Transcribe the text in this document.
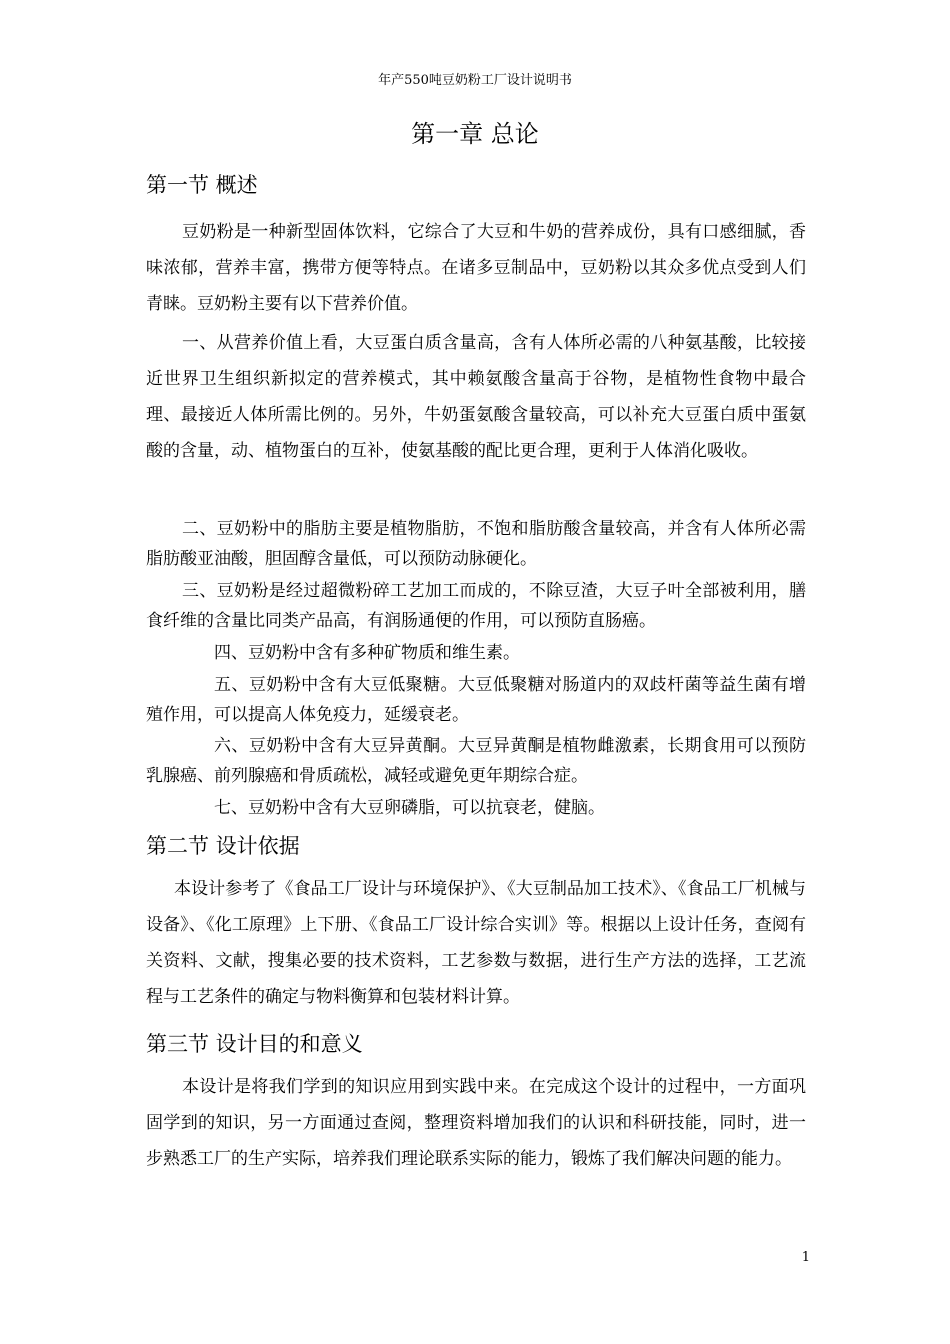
年产550吨豆奶粉工厂设计说明书
第一章 总论
第一节 概述

豆奶粉是一种新型固体饮料，它综合了大豆和牛奶的营养成份，具有口感细腻，香味浓郁，营养丰富，携带方便等特点。在诸多豆制品中，豆奶粉以其众多优点受到人们青睐。豆奶粉主要有以下营养价值。

一、从营养价值上看，大豆蛋白质含量高，含有人体所必需的八种氨基酸，比较接近世界卫生组织新拟定的营养模式，其中赖氨酸含量高于谷物，是植物性食物中最合理、最接近人体所需比例的。另外，牛奶蛋氨酸含量较高，可以补充大豆蛋白质中蛋氨酸的含量，动、植物蛋白的互补，使氨基酸的配比更合理，更利于人体消化吸收。

二、豆奶粉中的脂肪主要是植物脂肪，不饱和脂肪酸含量较高，并含有人体所必需脂肪酸亚油酸，胆固醇含量低，可以预防动脉硬化。

三、豆奶粉是经过超微粉碎工艺加工而成的，不除豆渣，大豆子叶全部被利用，膳食纤维的含量比同类产品高，有润肠通便的作用，可以预防直肠癌。

四、豆奶粉中含有多种矿物质和维生素。

五、豆奶粉中含有大豆低聚糖。大豆低聚糖对肠道内的双歧杆菌等益生菌有增殖作用，可以提高人体免疫力，延缓衰老。

六、豆奶粉中含有大豆异黄酮。大豆异黄酮是植物雌激素，长期食用可以预防乳腺癌、前列腺癌和骨质疏松，减轻或避免更年期综合症。

七、豆奶粉中含有大豆卵磷脂，可以抗衰老，健脑。

第二节 设计依据

本设计参考了《食品工厂设计与环境保护》、《大豆制品加工技术》、《食品工厂机械与设备》、《化工原理》上下册、《食品工厂设计综合实训》等。根据以上设计任务，查阅有关资料、文献，搜集必要的技术资料，工艺参数与数据，进行生产方法的选择，工艺流程与工艺条件的确定与物料衡算和包装材料计算。

第三节 设计目的和意义

本设计是将我们学到的知识应用到实践中来。在完成这个设计的过程中，一方面巩固学到的知识，另一方面通过查阅，整理资料增加我们的认识和科研技能，同时，进一步熟悉工厂的生产实际，培养我们理论联系实际的能力，锻炼了我们解决问题的能力。

1
